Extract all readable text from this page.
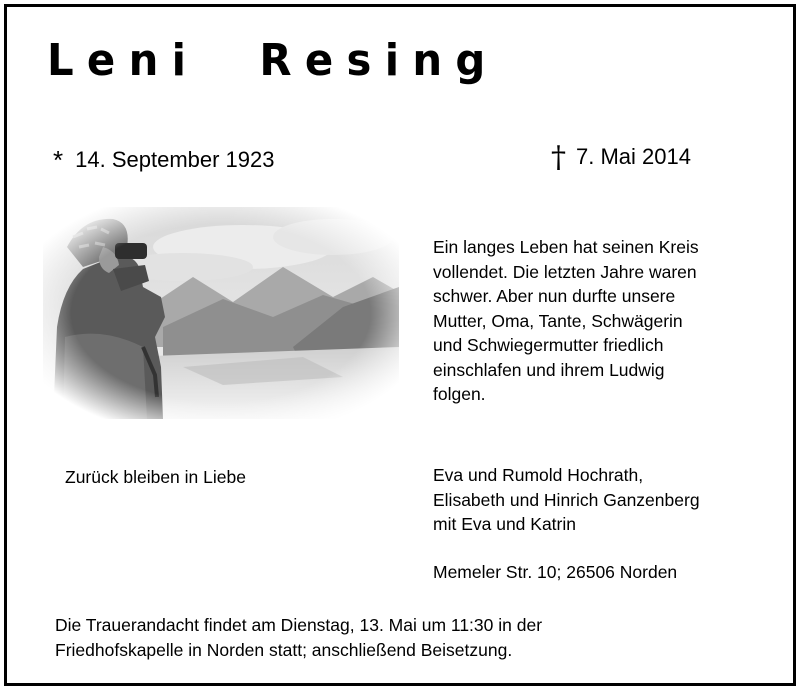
Leni Resing
* 14. September 1923	† 7. Mai 2014
Ein langes Leben hat seinen Kreis
vollendet. Die letzten Jahre waren
schwer. Aber nun durfte unsere
Mutter, Oma, Tante, Schwägerin
und Schwiegermutter friedlich
einschlafen und ihrem Ludwig
folgen.
Zurück bleiben in Liebe	Eva und Rumold Hochrath,
Elisabeth und Hinrich Ganzenberg
mit Eva und Katrin
Memeler Str. 10; 26506 Norden
Die Trauerandacht findet am Dienstag, 13. Mai um 11:30 in der
Friedhofskapelle in Norden statt; anschließend Beisetzung.
